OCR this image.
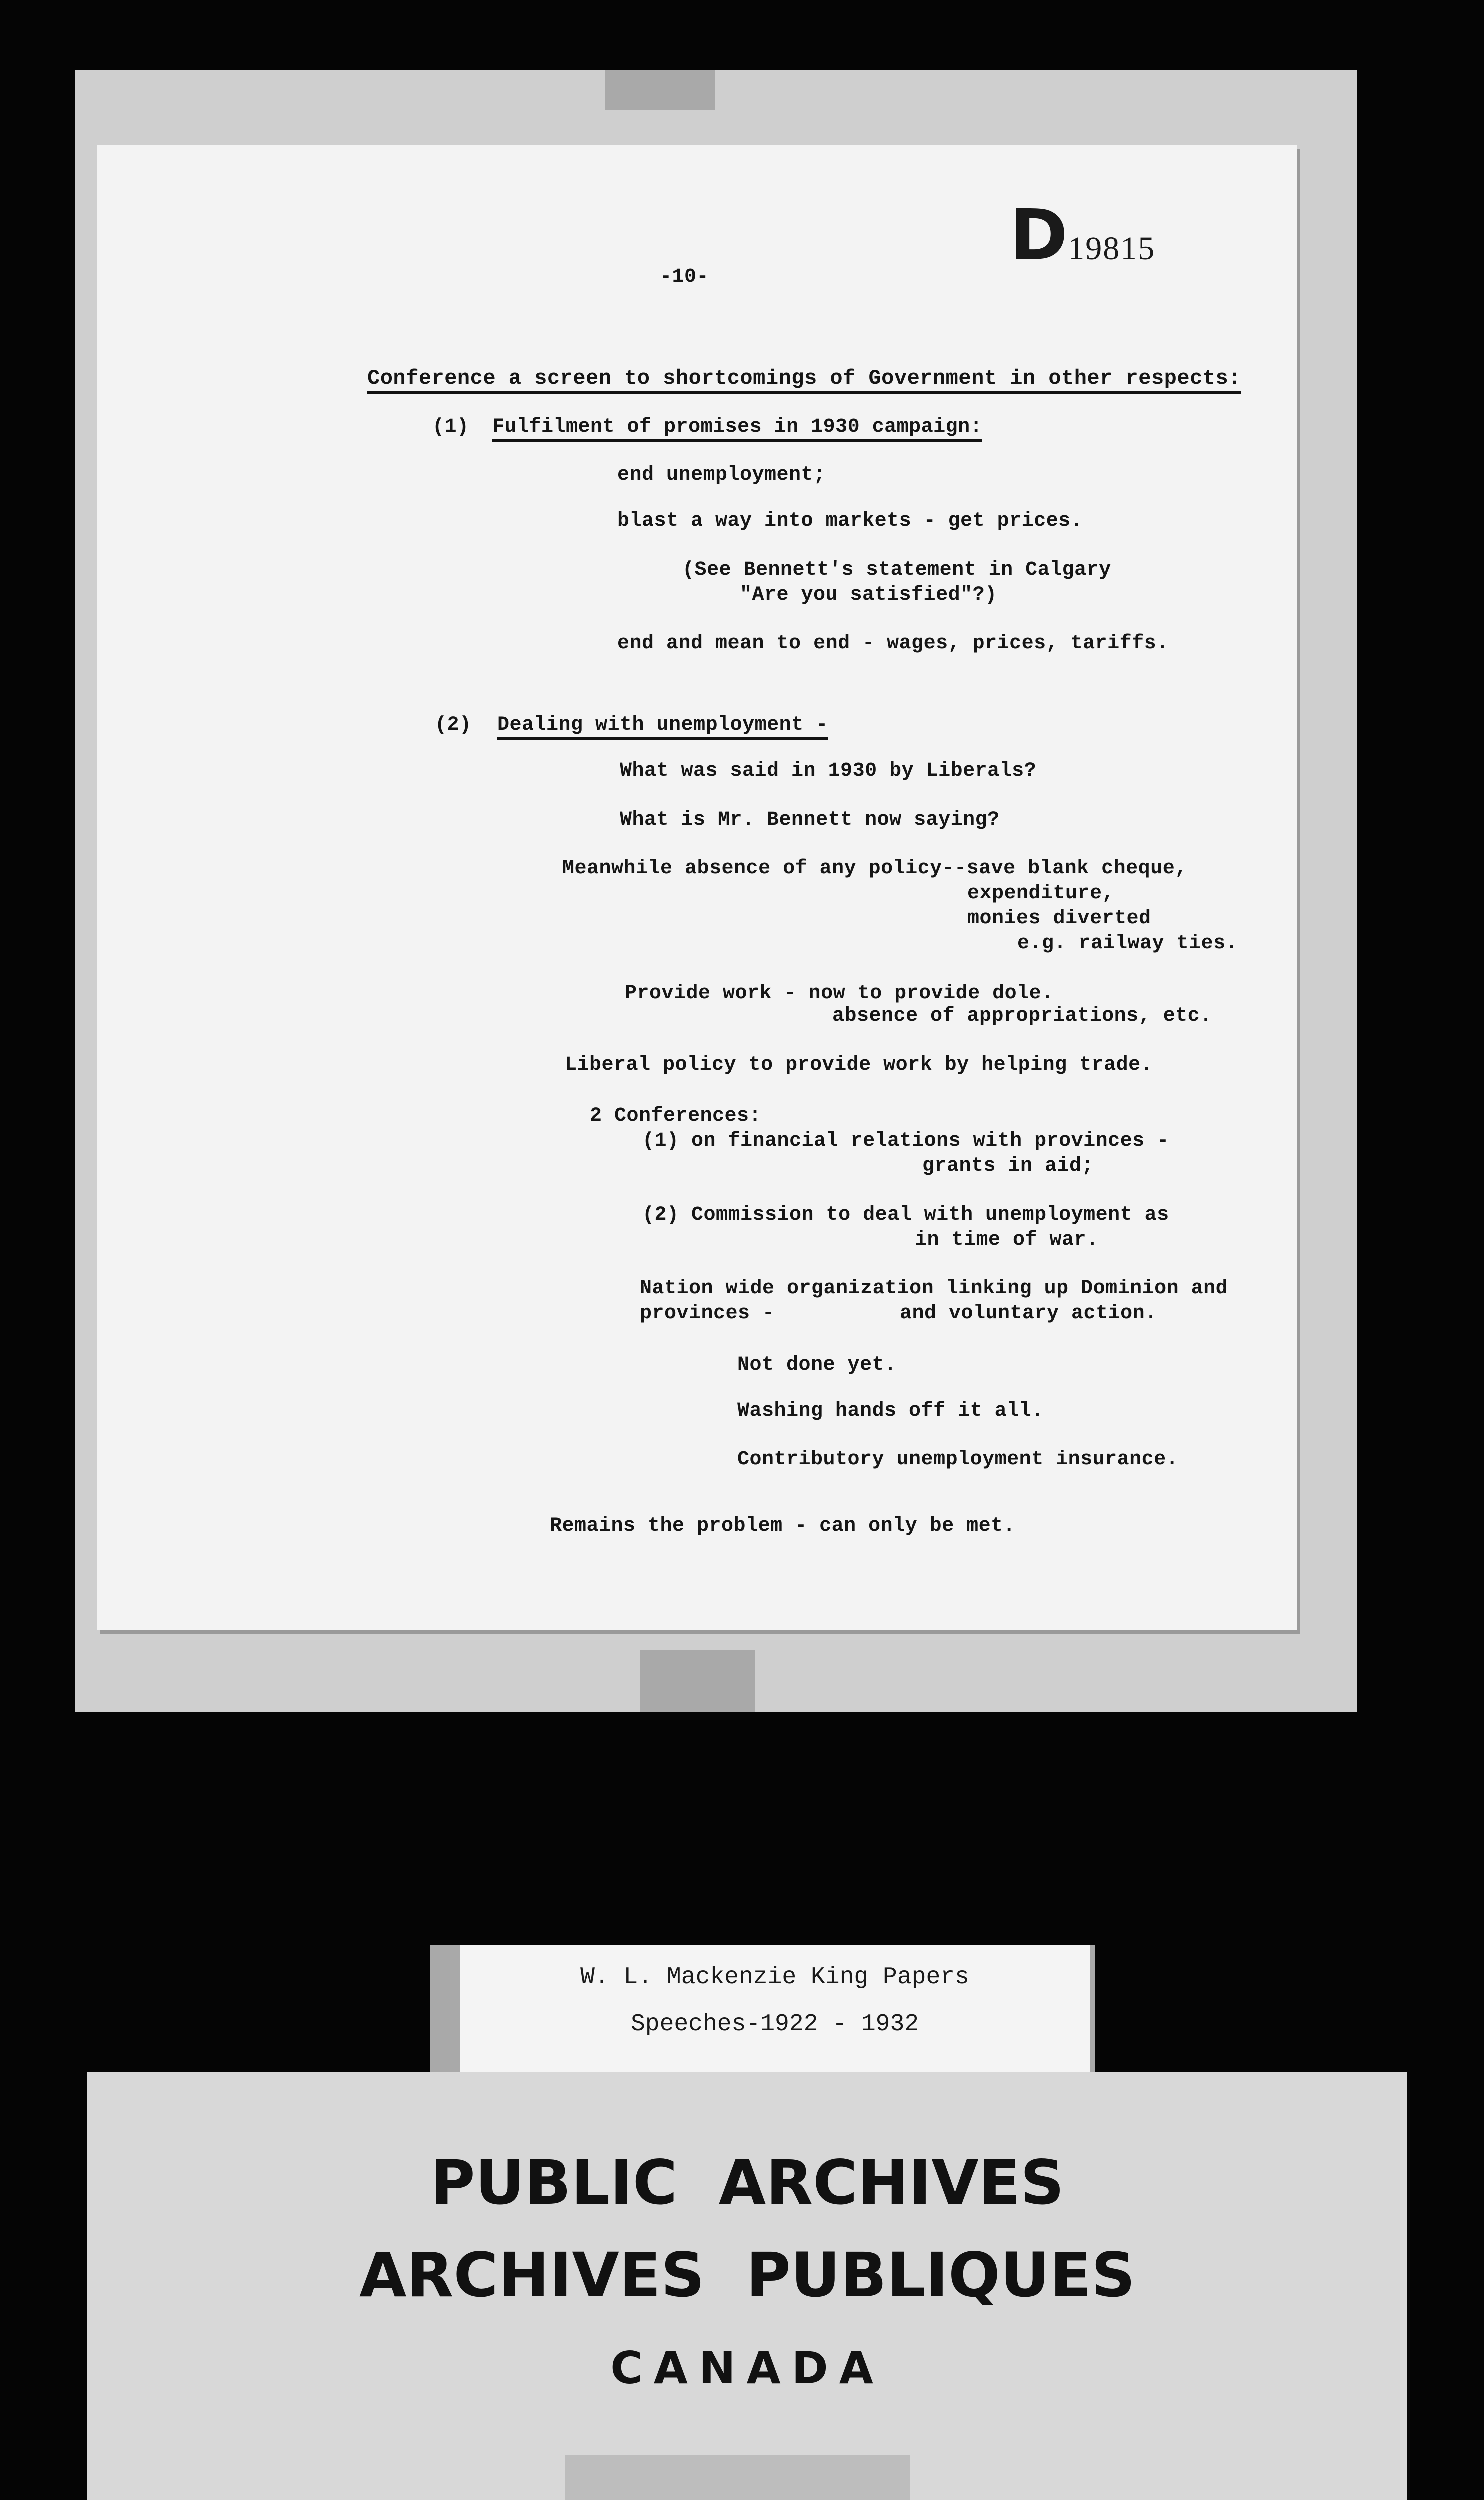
D19815
-10-
Conference a screen to shortcomings of Government in other respects:
(1) Fulfilment of promises in 1930 campaign:
end unemployment;
blast a way into markets - get prices.
(See Bennett's statement in Calgary
"Are you satisfied"?)
end and mean to end - wages, prices, tariffs.
(2) Dealing with unemployment -
What was said in 1930 by Liberals?
What is Mr. Bennett now saying?
Meanwhile absence of any policy--save blank cheque,
expenditure,
monies diverted
e.g. railway ties.
Provide work - now to provide dole.
absence of appropriations, etc.
Liberal policy to provide work by helping trade.
2 Conferences:
(1) on financial relations with provinces -
grants in aid;
(2) Commission to deal with unemployment as
in time of war.
Nation wide organization linking up Dominion and
provinces -	and voluntary action.
Not done yet.
Washing hands off it all.
Contributory unemployment insurance.
Remains the problem - can only be met.
W. L. Mackenzie King Papers
Speeches-1922 - 1932
PUBLIC ARCHIVES
ARCHIVES PUBLIQUES
CANADA
